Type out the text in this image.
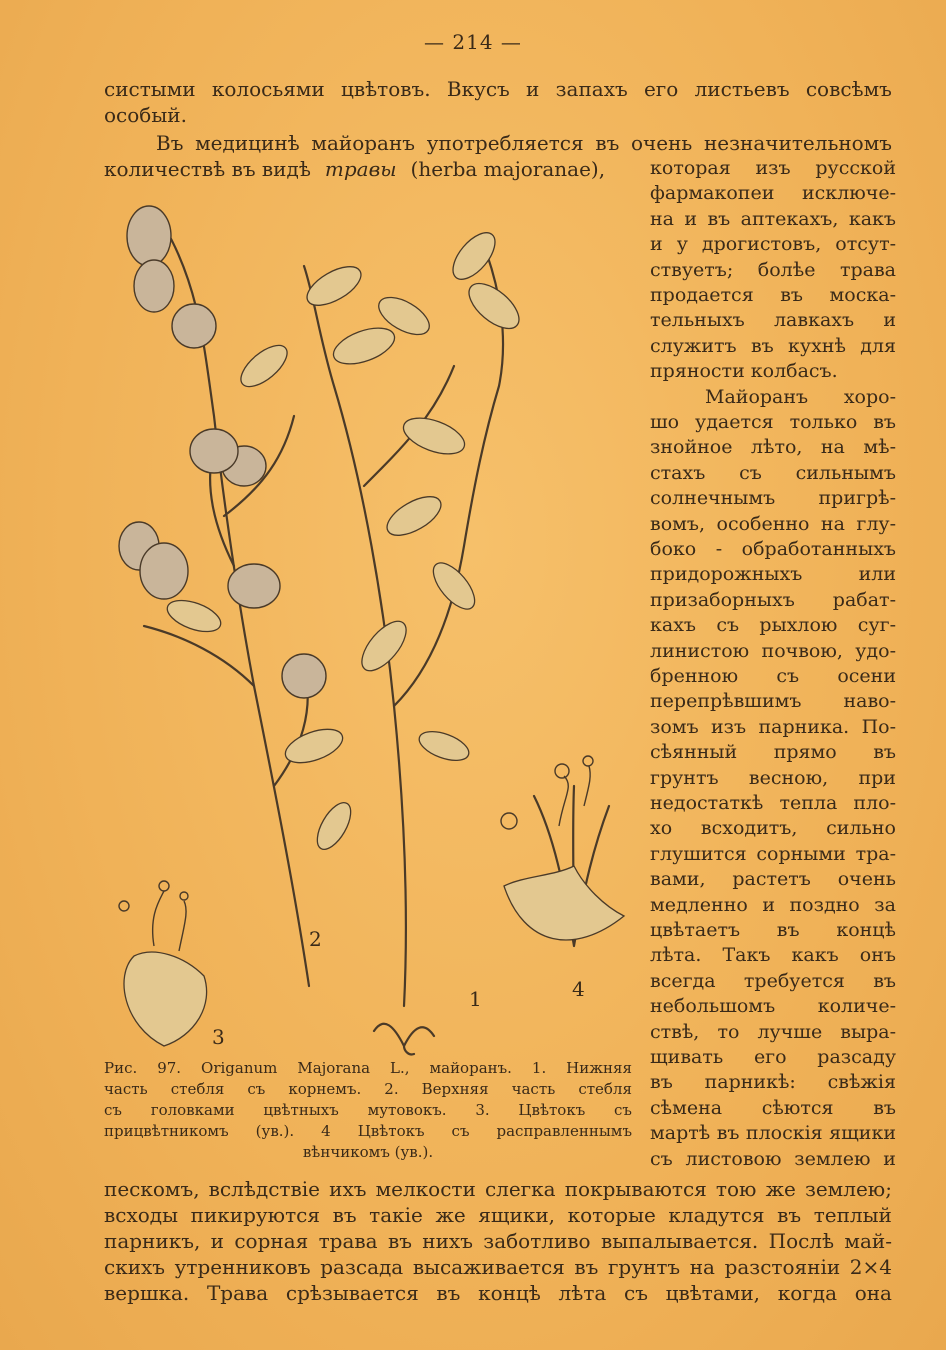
— 214 —
систыми колосьями цвѣтовъ. Вкусъ и запахъ его листьевъ совсѣмъ
особый.
Въ медицинѣ майоранъ употребляется въ очень незначительномъ
количествѣ въ видѣ травы (herba majoranae), которая изъ русской
фармакопеи исключе-
на и въ аптекахъ, какъ
и у дрогистовъ, отсут-
ствуетъ; болѣе трава
продается въ моска-
тельныхъ лавкахъ и
служитъ въ кухнѣ для
пряности колбасъ.
Майоранъ хоро-
шо удается только въ
знойное лѣто, на мѣ-
стахъ съ сильнымъ
солнечнымъ пригрѣ-
вомъ, особенно на глу-
боко - обработанныхъ
придорожныхъ	или
призаборныхъ рабат-
кахъ съ рыхлою суг-
линистою почвою, удо-
бренною съ осени
перепрѣвшимъ наво-
зомъ изъ парника. По-
сѣянный прямо въ
грунтъ весною, при
недостаткѣ тепла пло-
хо всходитъ, сильно
глушится сорными тра-
вами, растетъ очень
медленно и поздно за
цвѣтаетъ въ концѣ
лѣта. Такъ какъ онъ
всегда требуется въ
небольшомъ количе-
ствѣ, то лучше выра-
щивать его разсаду
въ парникѣ: свѣжія
сѣмена сѣются въ
мартѣ въ плоскія ящики
съ листовою землею и
1
2
3
4
Рис. 97. Origanum Majorana L., майоранъ. 1. Нижняя
часть стебля съ корнемъ. 2. Верхняя часть стебля
съ головками цвѣтныхъ мутовокъ. 3. Цвѣтокъ съ
прицвѣтникомъ (ув.). 4 Цвѣтокъ съ расправленнымъ
вѣнчикомъ (ув.).
пескомъ, вслѣдствіе ихъ мелкости слегка покрываются тою же землею;
всходы пикируются въ такіе же ящики, которые кладутся въ теплый
парникъ, и сорная трава въ нихъ заботливо выпалывается. Послѣ май-
скихъ утренниковъ разсада высаживается въ грунтъ на разстояніи 2×4
вершка. Трава срѣзывается въ концѣ лѣта съ цвѣтами, когда она
